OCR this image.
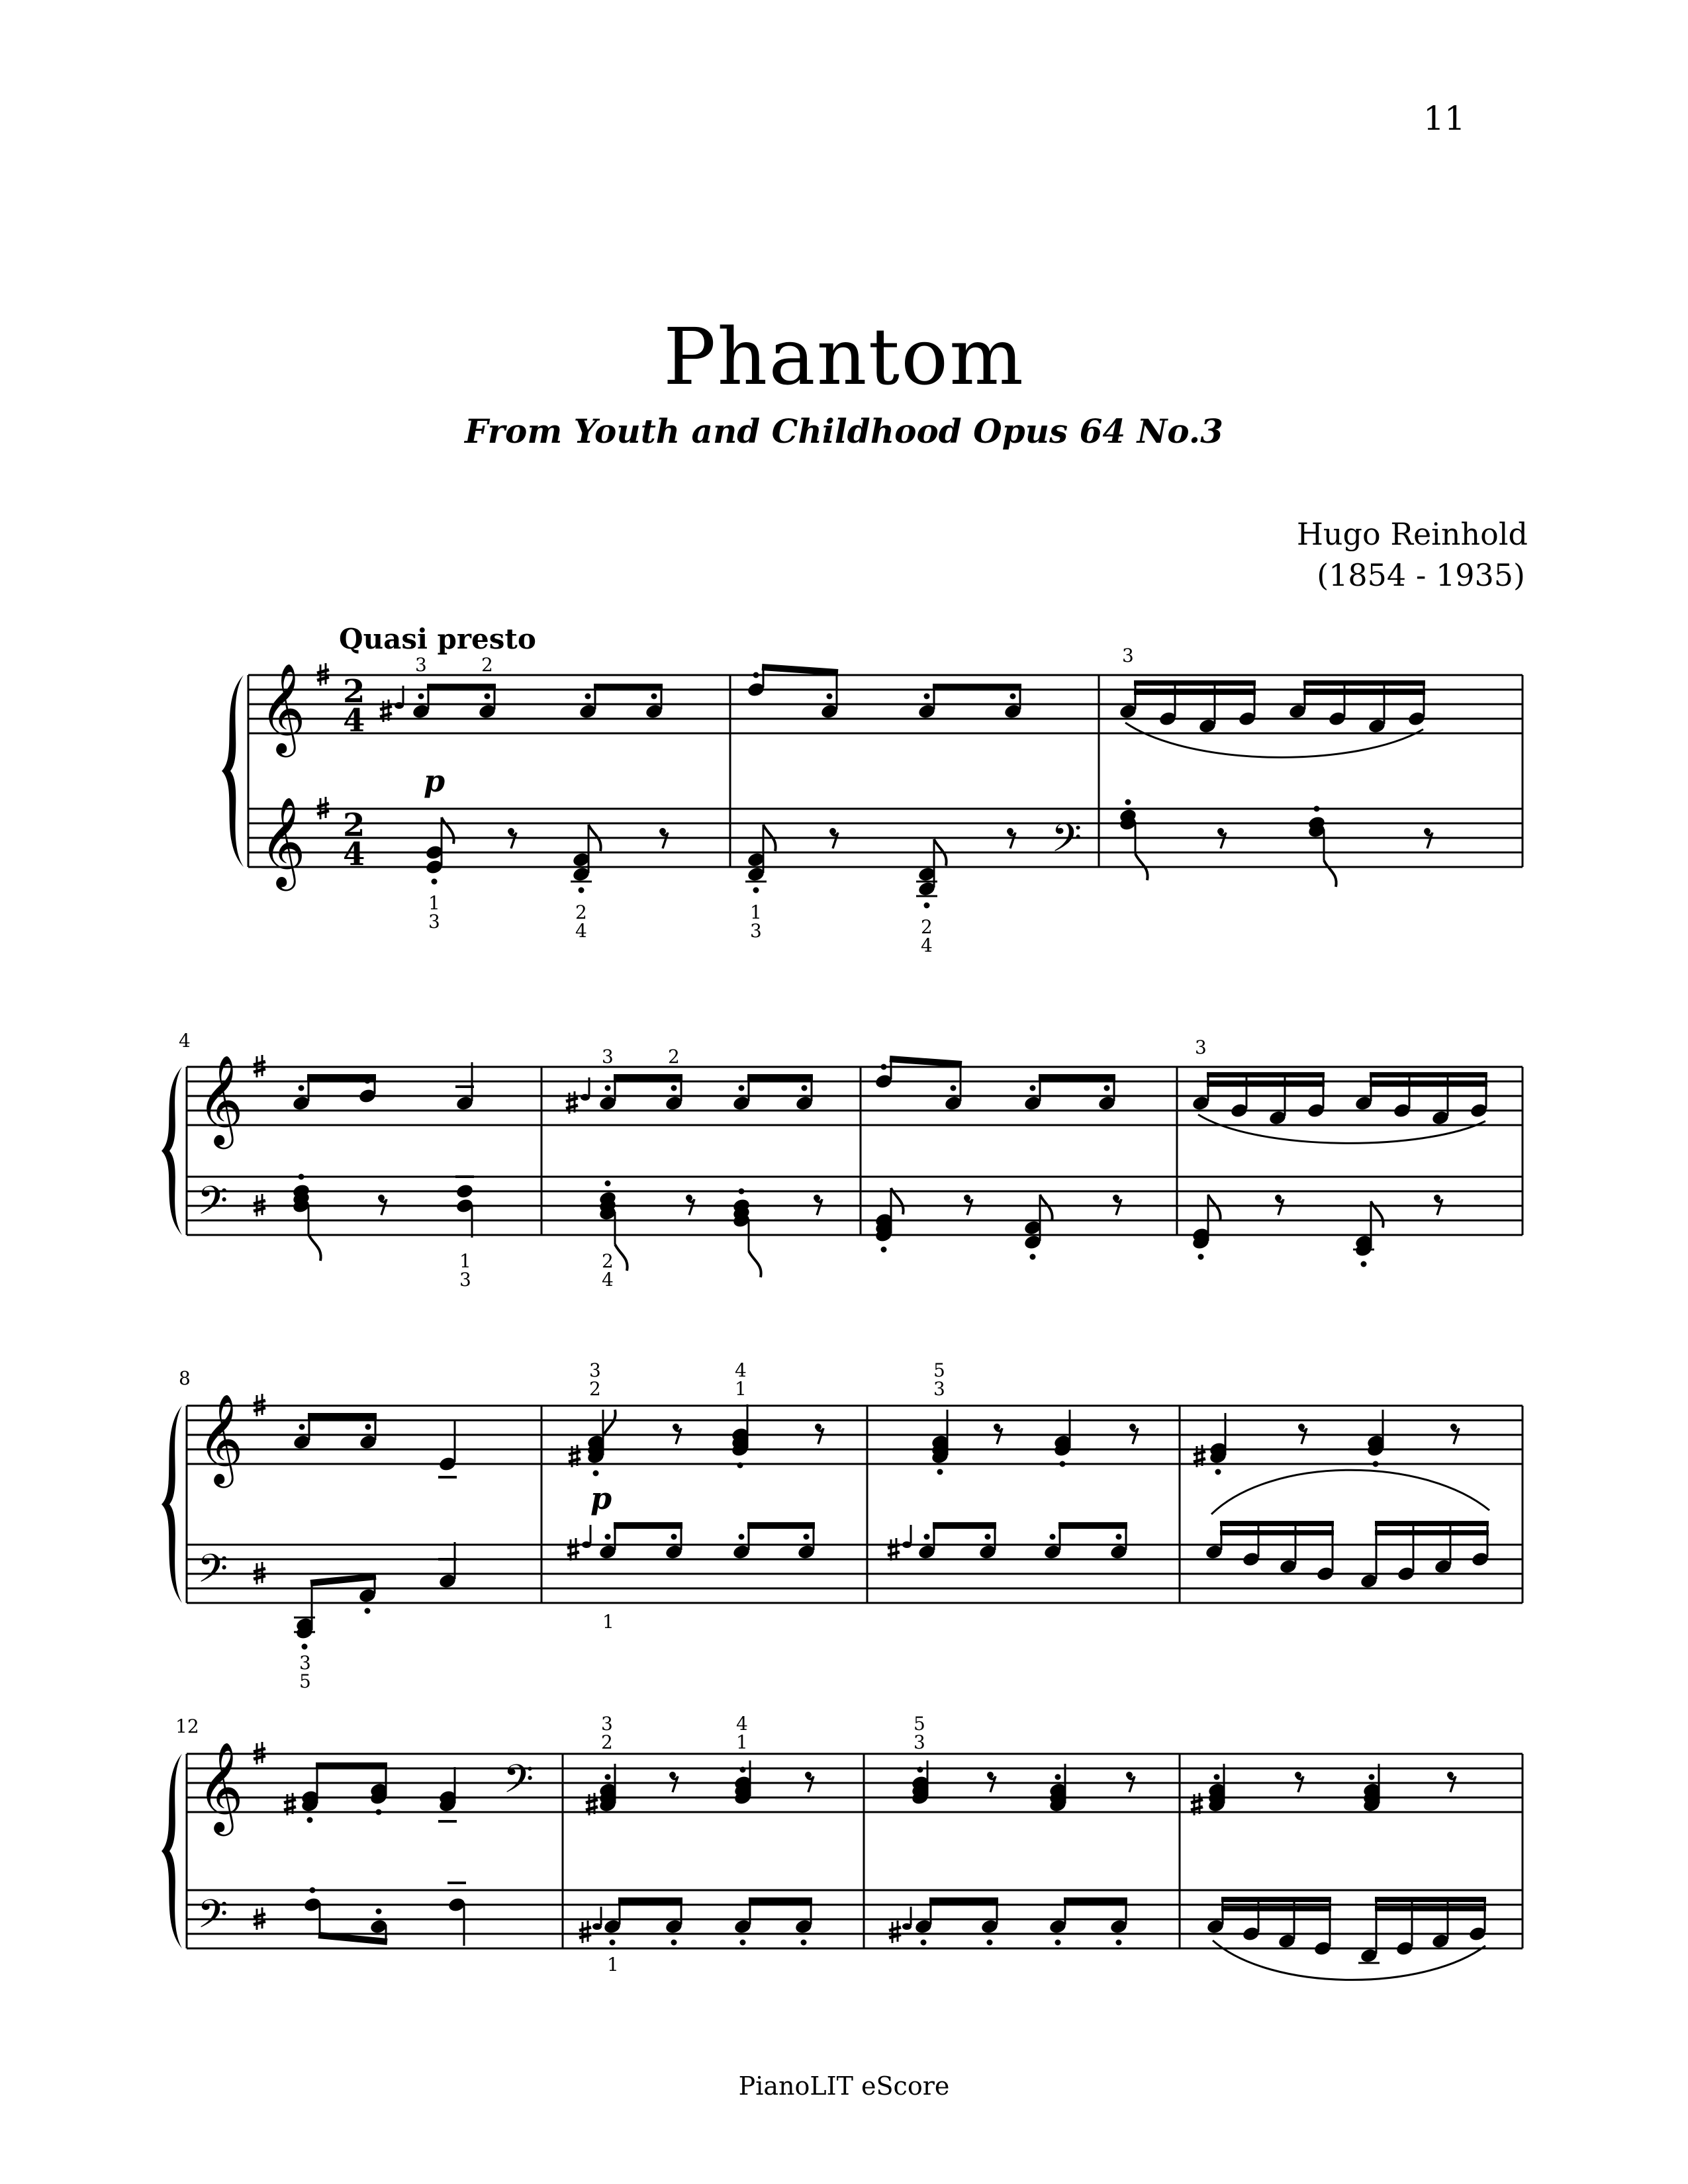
11
Phantom
From Youth and Childhood Opus 64 No.3
Hugo Reinhold
(1854 - 1935)
𝄞
𝄞
2
4
2
4
Quasi presto
p
3	2
1
3	2
4
1
3	2
4
𝄢
3
4
𝄞
𝄢
1
3
3	2
2
4
3
8
𝄞
𝄢
3
5
3
2
4
1
p
1
5
3
12
𝄞
𝄢
𝄢
3
2
4
1
1
5
3
PianoLIT eScore
